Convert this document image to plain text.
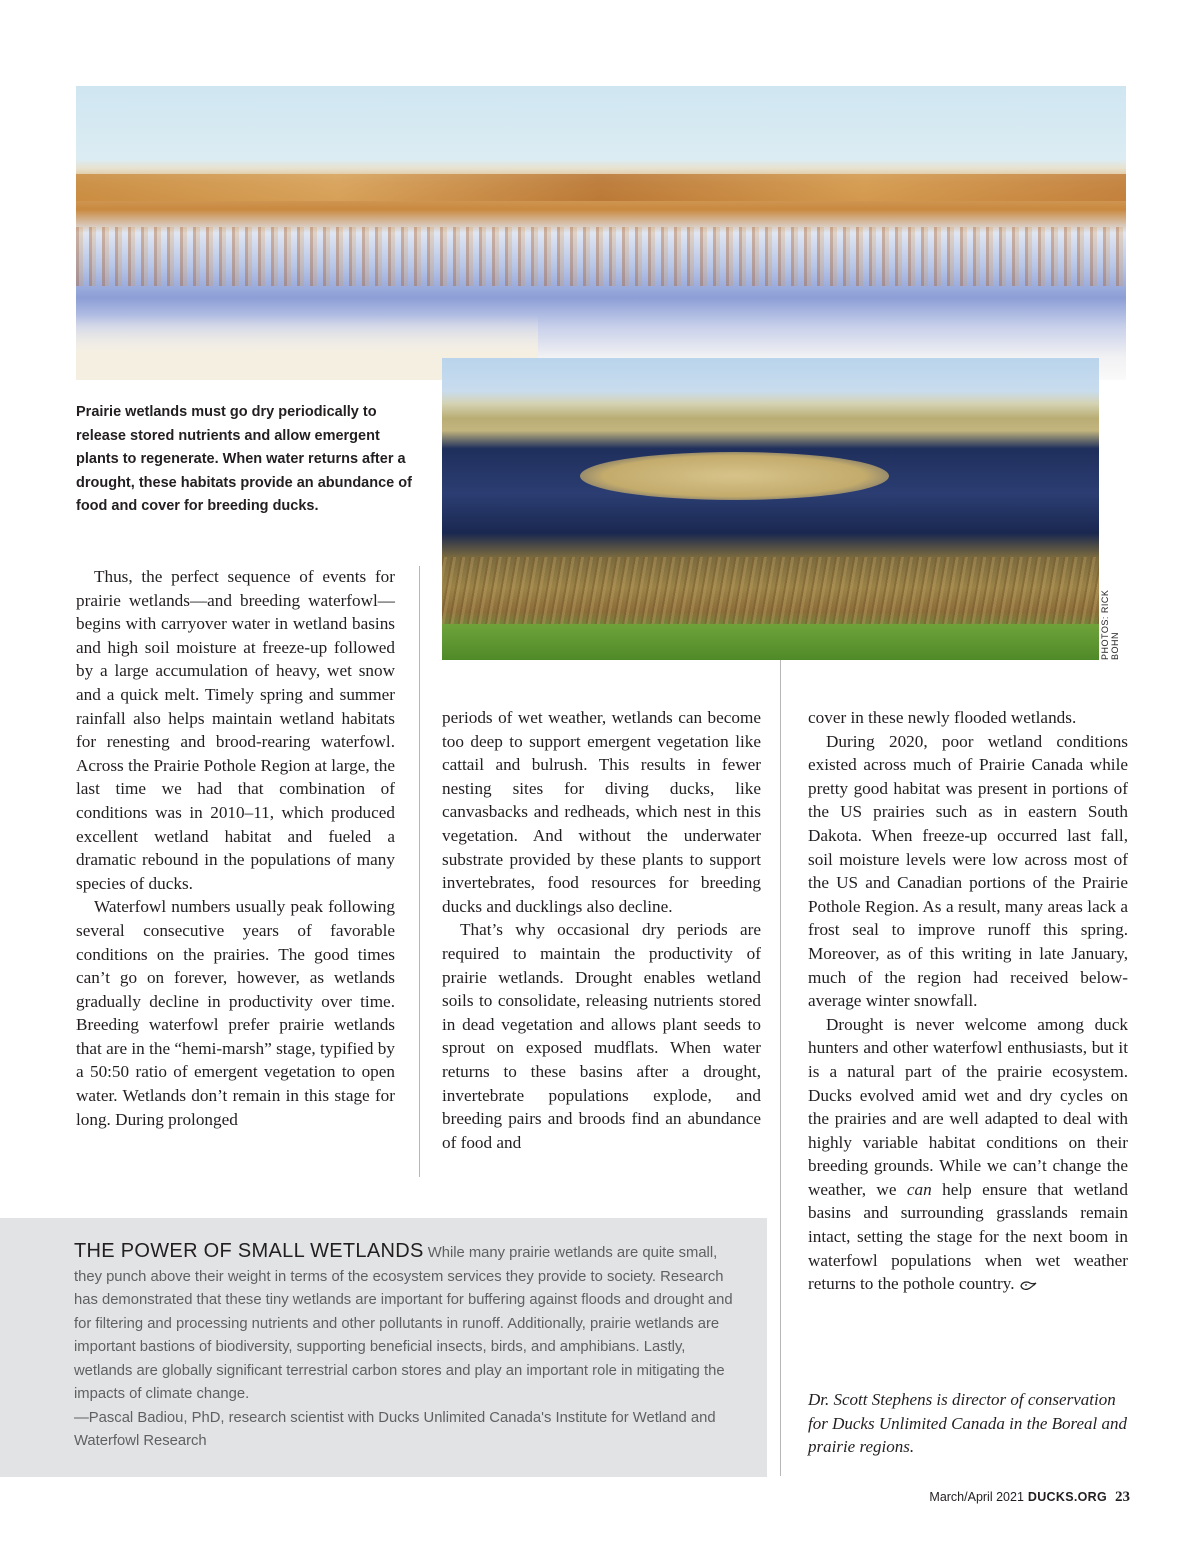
PHOTOS: RICK BOHN
Prairie wetlands must go dry periodically to release stored nutrients and allow emergent plants to regenerate. When water returns after a drought, these habitats provide an abundance of food and cover for breeding ducks.

Thus, the perfect sequence of events for prairie wetlands—and breeding waterfowl—begins with carryover water in wetland basins and high soil moisture at freeze-up followed by a large accumulation of heavy, wet snow and a quick melt. Timely spring and summer rainfall also helps maintain wetland habitats for renesting and brood-rearing waterfowl. Across the Prairie Pothole Region at large, the last time we had that combination of conditions was in 2010–11, which produced excellent wetland habitat and fueled a dramatic rebound in the populations of many species of ducks.

Waterfowl numbers usually peak following several consecutive years of favorable conditions on the prairies. The good times can’t go on forever, however, as wetlands gradually decline in productivity over time. Breeding waterfowl prefer prairie wetlands that are in the “hemi-marsh” stage, typified by a 50:50 ratio of emergent vegetation to open water. Wetlands don’t remain in this stage for long. During prolonged

periods of wet weather, wetlands can become too deep to support emergent vegetation like cattail and bulrush. This results in fewer nesting sites for diving ducks, like canvasbacks and redheads, which nest in this vegetation. And without the underwater substrate provided by these plants to support invertebrates, food resources for breeding ducks and ducklings also decline.

That’s why occasional dry periods are required to maintain the productivity of prairie wetlands. Drought enables wetland soils to consolidate, releasing nutrients stored in dead vegetation and allows plant seeds to sprout on exposed mudflats. When water returns to these basins after a drought, invertebrate populations explode, and breeding pairs and broods find an abundance of food and

cover in these newly flooded wetlands.

During 2020, poor wetland conditions existed across much of Prairie Canada while pretty good habitat was present in portions of the US prairies such as in eastern South Dakota. When freeze-up occurred last fall, soil moisture levels were low across most of the US and Canadian portions of the Prairie Pothole Region. As a result, many areas lack a frost seal to improve runoff this spring. Moreover, as of this writing in late January, much of the region had received below-average winter snowfall.

Drought is never welcome among duck hunters and other waterfowl enthusiasts, but it is a natural part of the prairie ecosystem. Ducks evolved amid wet and dry cycles on the prairies and are well adapted to deal with highly variable habitat conditions on their breeding grounds. While we can’t change the weather, we can help ensure that wetland basins and surrounding grasslands remain intact, setting the stage for the next boom in waterfowl populations when wet weather returns to the pothole country.

Dr. Scott Stephens is director of conservation for Ducks Unlimited Canada in the Boreal and prairie regions.
THE POWER OF SMALL WETLANDS While many prairie wetlands are quite small, they punch above their weight in terms of the ecosystem services they provide to society. Research has demonstrated that these tiny wetlands are important for buffering against floods and drought and for filtering and processing nutrients and other pollutants in runoff. Additionally, prairie wetlands are important bastions of biodiversity, supporting beneficial insects, birds, and amphibians. Lastly, wetlands are globally significant terrestrial carbon stores and play an important role in mitigating the impacts of climate change.
—Pascal Badiou, PhD, research scientist with Ducks Unlimited Canada's Institute for Wetland and Waterfowl Research
March/April 2021 DUCKS.ORG 23
